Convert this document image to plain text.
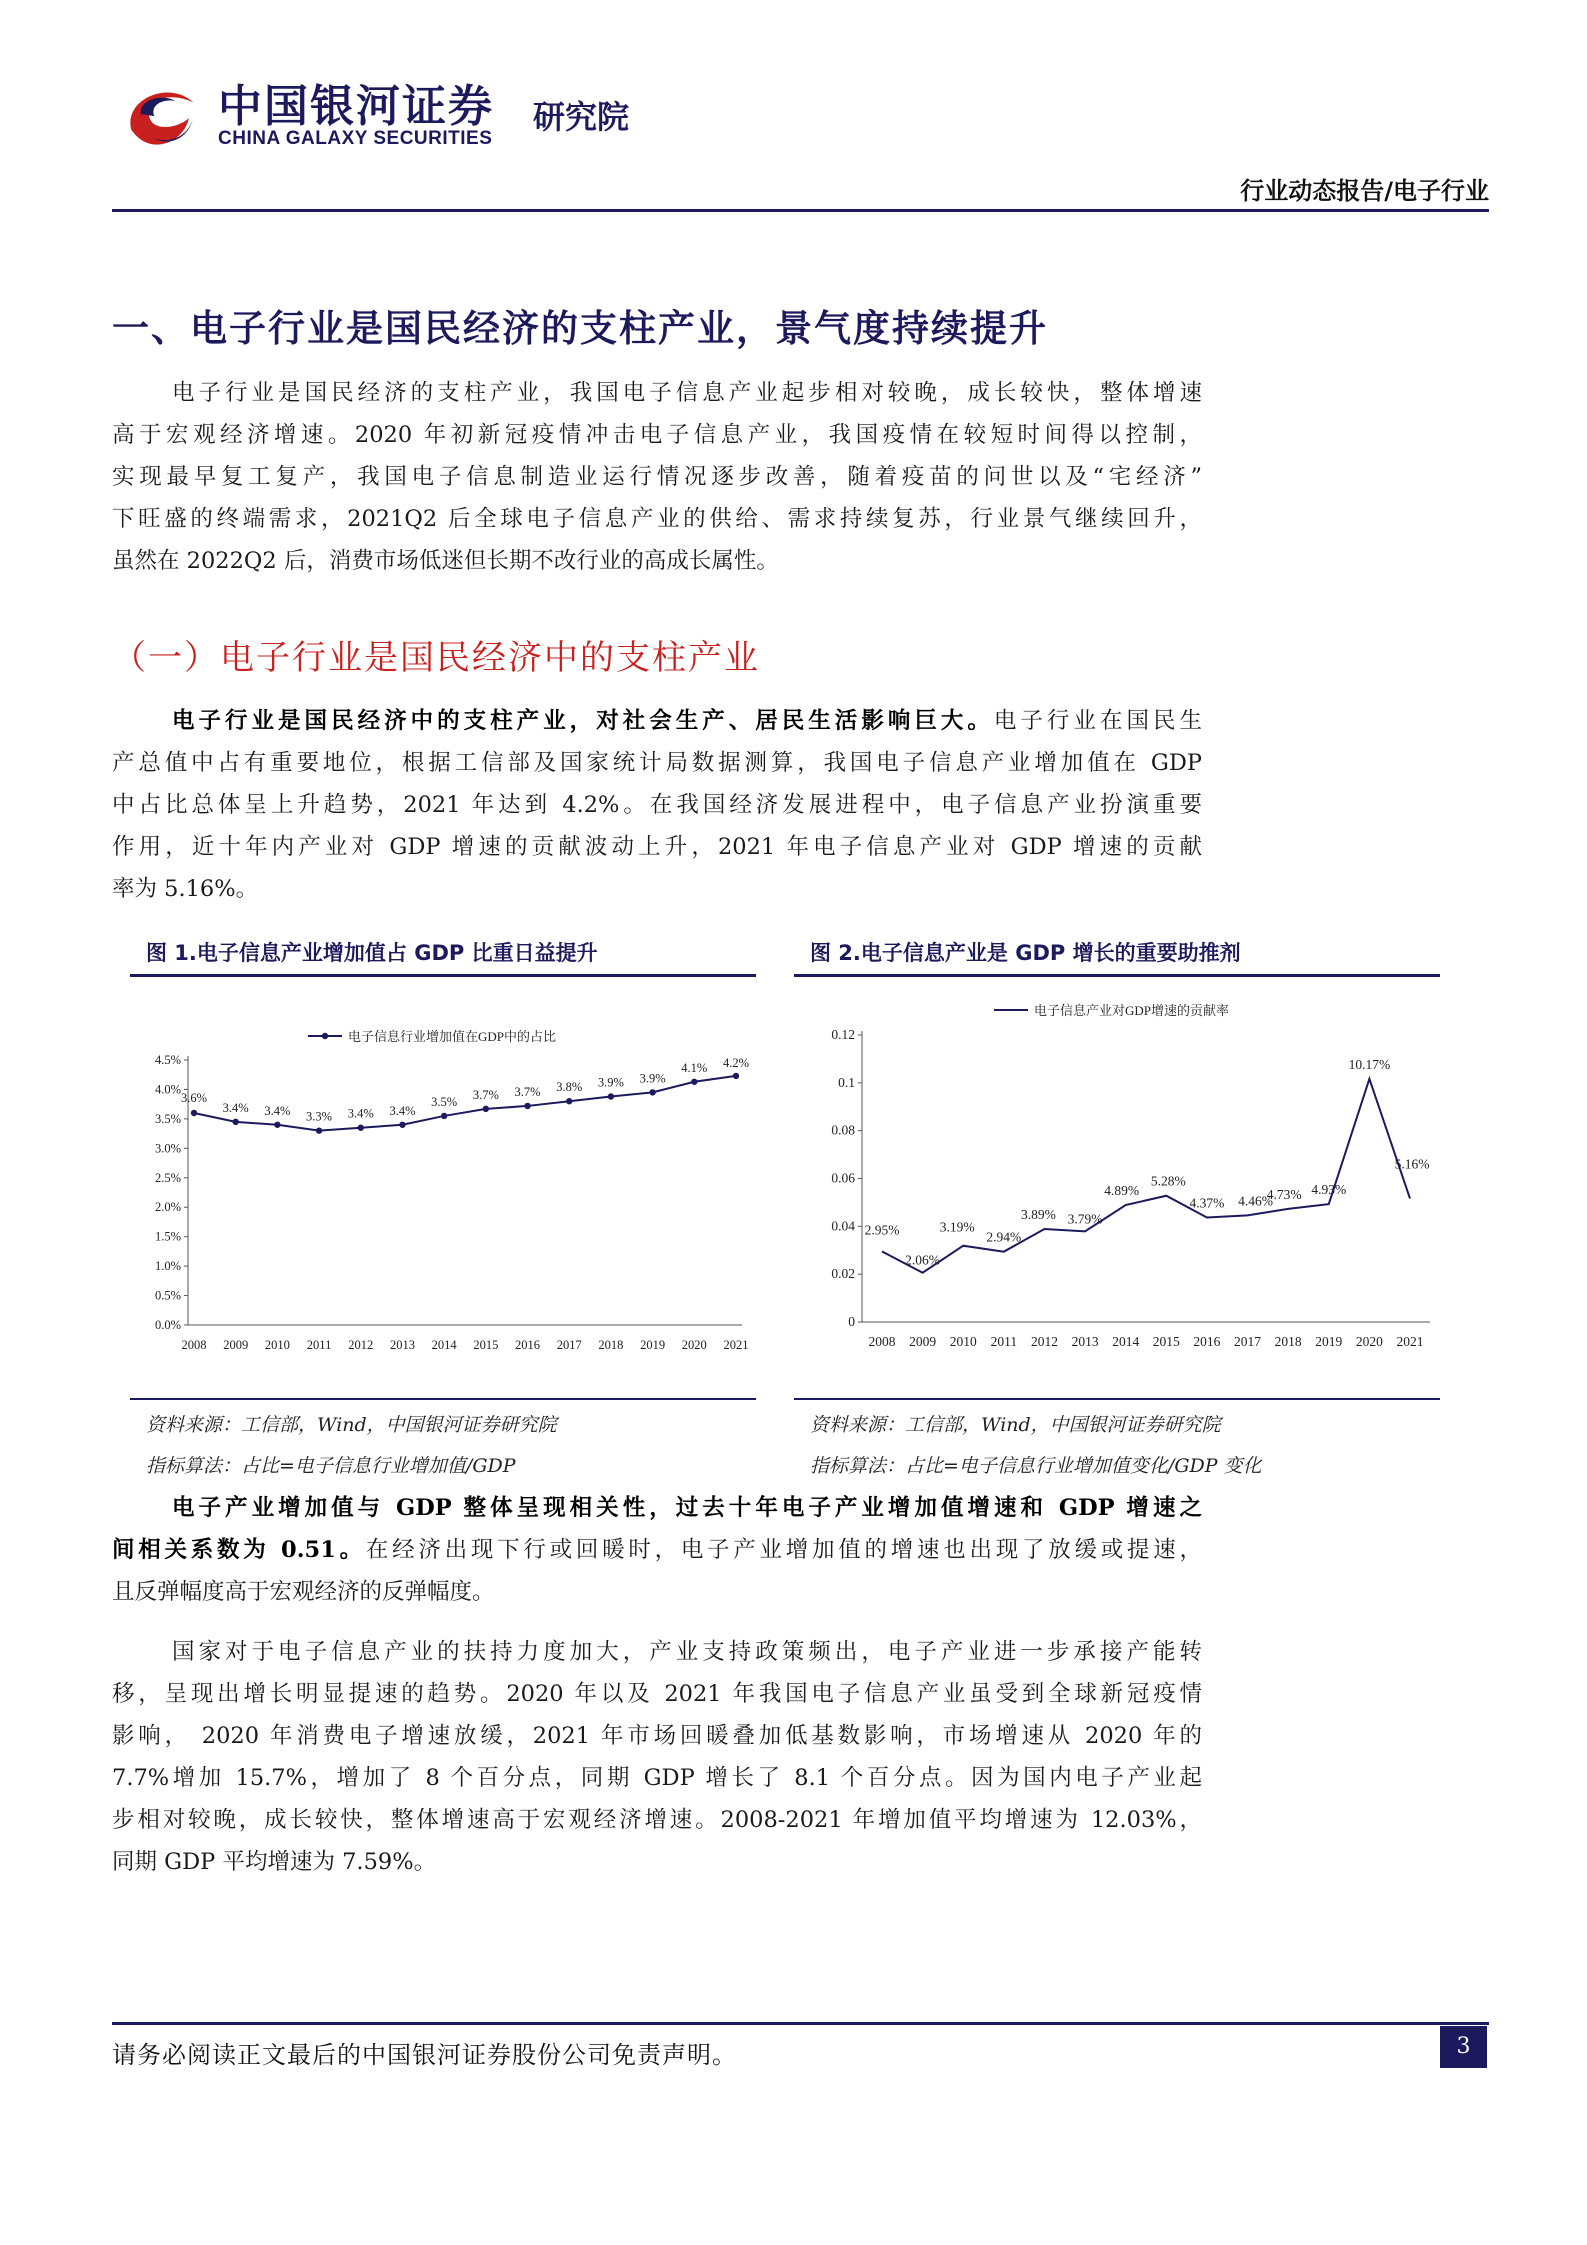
中国银河证券
CHINA GALAXY SECURITIES
研究院
行业动态报告/电子行业
一、电子行业是国民经济的支柱产业，景气度持续提升
电子行业是国民经济的支柱产业，我国电子信息产业起步相对较晚，成长较快，整体增速
高于宏观经济增速。2020 年初新冠疫情冲击电子信息产业，我国疫情在较短时间得以控制，
实现最早复工复产，我国电子信息制造业运行情况逐步改善，随着疫苗的问世以及“宅经济”
下旺盛的终端需求，2021Q2 后全球电子信息产业的供给、需求持续复苏，行业景气继续回升，
虽然在 2022Q2 后，消费市场低迷但长期不改行业的高成长属性。
（一）电子行业是国民经济中的支柱产业
电子行业是国民经济中的支柱产业，对社会生产、居民生活影响巨大。电子行业在国民生
产总值中占有重要地位，根据工信部及国家统计局数据测算，我国电子信息产业增加值在 GDP
中占比总体呈上升趋势，2021 年达到 4.2%。在我国经济发展进程中，电子信息产业扮演重要
作用，近十年内产业对 GDP 增速的贡献波动上升，2021 年电子信息产业对 GDP 增速的贡献
率为 5.16%。
图 1.电子信息产业增加值占 GDP 比重日益提升
0.0%
0.5%
1.0%
1.5%
2.0%
2.5%
3.0%
3.5%
4.0%
4.5%
2008 2009 2010 2011 2012 2013 2014 2015 2016 2017 2018 2019 2020 2021
3.6%
3.4% 3.4% 3.3% 3.4% 3.4%
3.5%
3.7% 3.7% 3.8% 3.9% 3.9%
4.1% 4.2%
电子信息行业增加值在GDP中的占比
资料来源：工信部，Wind，中国银河证券研究院
指标算法：占比=电子信息行业增加值/GDP
图 2.电子信息产业是 GDP 增长的重要助推剂
0
0.02
0.04
0.06
0.08
0.1
0.12
2008 2009 2010 2011 2012 2013 2014 2015 2016 2017 2018 2019 2020 2021
2.95%
2.06%
3.19%
2.94%
3.89% 3.79%
4.89%
5.28%
4.37% 4.46%
4.73% 4.93%
10.17%
5.16%
电子信息产业对GDP增速的贡献率
资料来源：工信部，Wind，中国银河证券研究院
指标算法：占比=电子信息行业增加值变化/GDP 变化
电子产业增加值与 GDP 整体呈现相关性，过去十年电子产业增加值增速和 GDP 增速之
间相关系数为 0.51。在经济出现下行或回暖时，电子产业增加值的增速也出现了放缓或提速，
且反弹幅度高于宏观经济的反弹幅度。
国家对于电子信息产业的扶持力度加大，产业支持政策频出，电子产业进一步承接产能转
移，呈现出增长明显提速的趋势。2020 年以及 2021 年我国电子信息产业虽受到全球新冠疫情
影响， 2020 年消费电子增速放缓，2021 年市场回暖叠加低基数影响，市场增速从 2020 年的
7.7%增加 15.7%，增加了 8 个百分点，同期 GDP 增长了 8.1 个百分点。因为国内电子产业起
步相对较晚，成长较快，整体增速高于宏观经济增速。2008-2021 年增加值平均增速为 12.03%，
同期 GDP 平均增速为 7.59%。
请务必阅读正文最后的中国银河证券股份公司免责声明。	3
